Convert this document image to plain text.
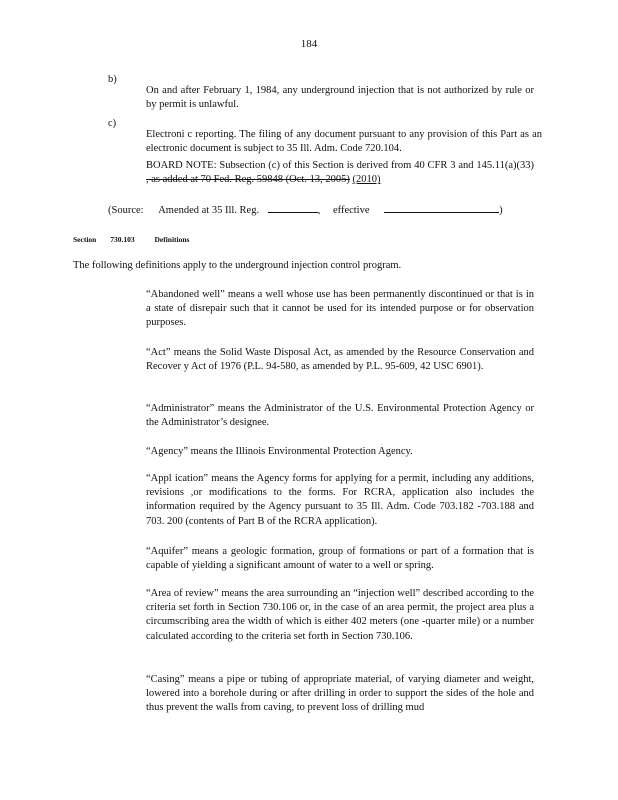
184
b)

On and after February 1, 1984, any underground injection that is not authorized by rule or by permit is unlawful.

c)

Electroni c reporting. The filing of any document pursuant to any provision of this Part as an electronic document is subject to 35 Ill. Adm. Code 720.104.

BOARD NOTE: Subsection (c) of this Section is derived from 40 CFR 3 and 145.11(a)(33) , as added at 70 Fed. Reg. 59848 (Oct. 13, 2005) (2010)

(Source: Amended at 35 Ill. Reg.	, effective	)
Section 730.103	Definitions

The following definitions apply to the underground injection control program.

“Abandoned well” means a well whose use has been permanently discontinued or that is in a state of disrepair such that it cannot be used for its intended purpose or for observation purposes.

“Act” means the Solid Waste Disposal Act, as amended by the Resource Conservation and Recover y Act of 1976 (P.L. 94-580, as amended by P.L. 95-609, 42 USC 6901).

“Administrator” means the Administrator of the U.S. Environmental Protection Agency or the Administrator’s designee.

“Agency” means the Illinois Environmental Protection Agency.

“Appl ication” means the Agency forms for applying for a permit, including any additions, revisions ,or modifications to the forms. For RCRA, application also includes the information required by the Agency pursuant to 35 Ill. Adm. Code 703.182 -703.188 and 703. 200 (contents of Part B of the RCRA application).

“Aquifer” means a geologic formation, group of formations or part of a formation that is capable of yielding a significant amount of water to a well or spring.

“Area of review” means the area surrounding an “injection well” described according to the criteria set forth in Section 730.106 or, in the case of an area permit, the project area plus a circumscribing area the width of which is either 402 meters (one -quarter mile) or a number calculated according to the criteria set forth in Section 730.106.

“Casing” means a pipe or tubing of appropriate material, of varying diameter and weight, lowered into a borehole during or after drilling in order to support the sides of the hole and thus prevent the walls from caving, to prevent loss of drilling mud
